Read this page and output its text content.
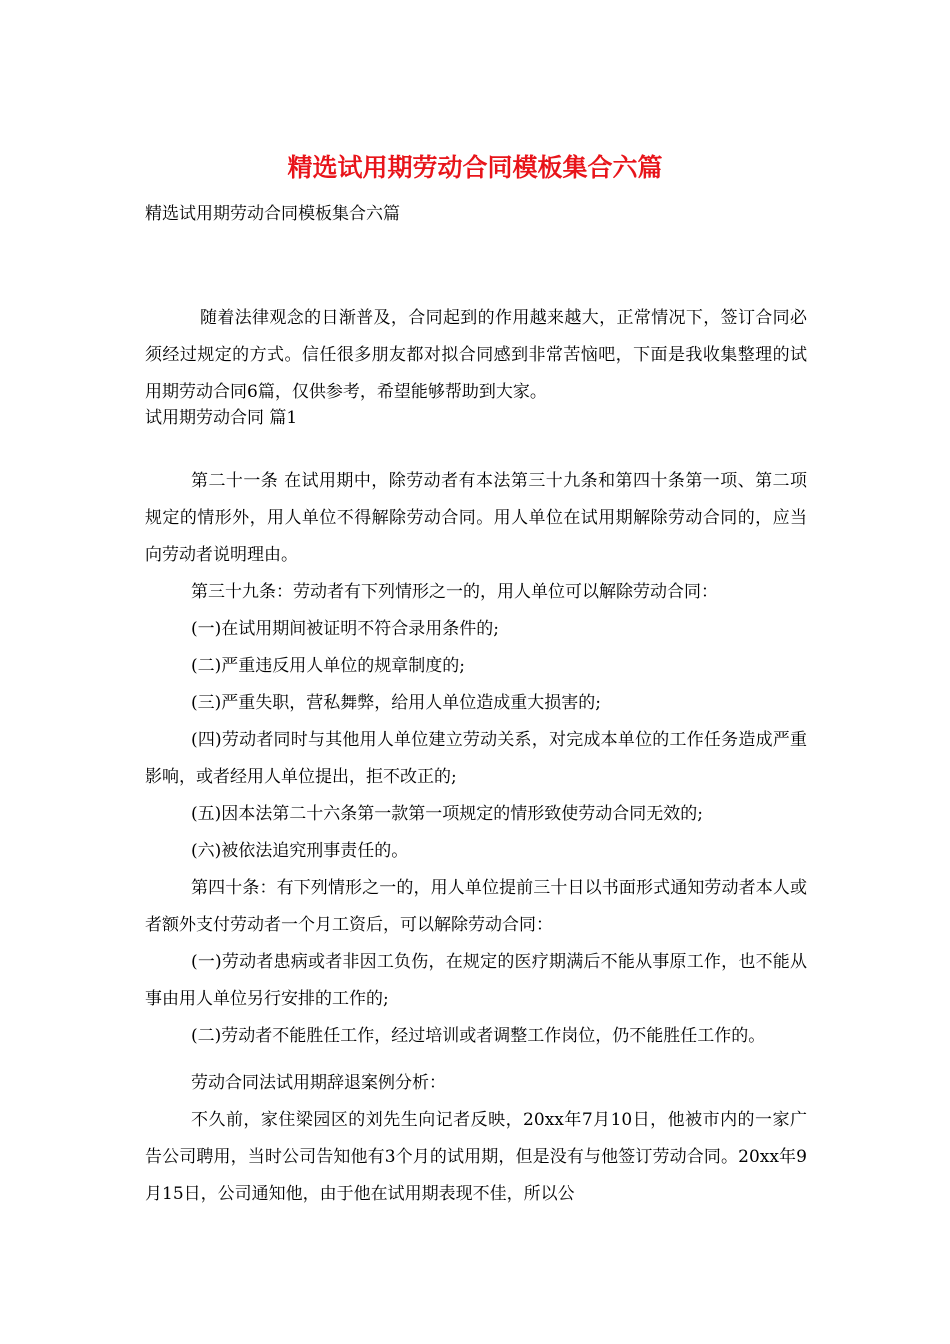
精选试用期劳动合同模板集合六篇

精选试用期劳动合同模板集合六篇

随着法律观念的日渐普及，合同起到的作用越来越大，正常情况下，签订合同必须经过规定的方式。信任很多朋友都对拟合同感到非常苦恼吧，下面是我收集整理的试用期劳动合同6篇，仅供参考，希望能够帮助到大家。

试用期劳动合同 篇1

第二十一条 在试用期中，除劳动者有本法第三十九条和第四十条第一项、第二项规定的情形外，用人单位不得解除劳动合同。用人单位在试用期解除劳动合同的，应当向劳动者说明理由。

第三十九条：劳动者有下列情形之一的，用人单位可以解除劳动合同：

(一)在试用期间被证明不符合录用条件的;

(二)严重违反用人单位的规章制度的;

(三)严重失职，营私舞弊，给用人单位造成重大损害的;

(四)劳动者同时与其他用人单位建立劳动关系，对完成本单位的工作任务造成严重影响，或者经用人单位提出，拒不改正的;

(五)因本法第二十六条第一款第一项规定的情形致使劳动合同无效的;

(六)被依法追究刑事责任的。

第四十条：有下列情形之一的，用人单位提前三十日以书面形式通知劳动者本人或者额外支付劳动者一个月工资后，可以解除劳动合同：

(一)劳动者患病或者非因工负伤，在规定的医疗期满后不能从事原工作，也不能从事由用人单位另行安排的工作的;

(二)劳动者不能胜任工作，经过培训或者调整工作岗位，仍不能胜任工作的。

劳动合同法试用期辞退案例分析：

不久前，家住梁园区的刘先生向记者反映，20xx年7月10日，他被市内的一家广告公司聘用，当时公司告知他有3个月的试用期，但是没有与他签订劳动合同。20xx年9月15日，公司通知他，由于他在试用期表现不佳，所以公
